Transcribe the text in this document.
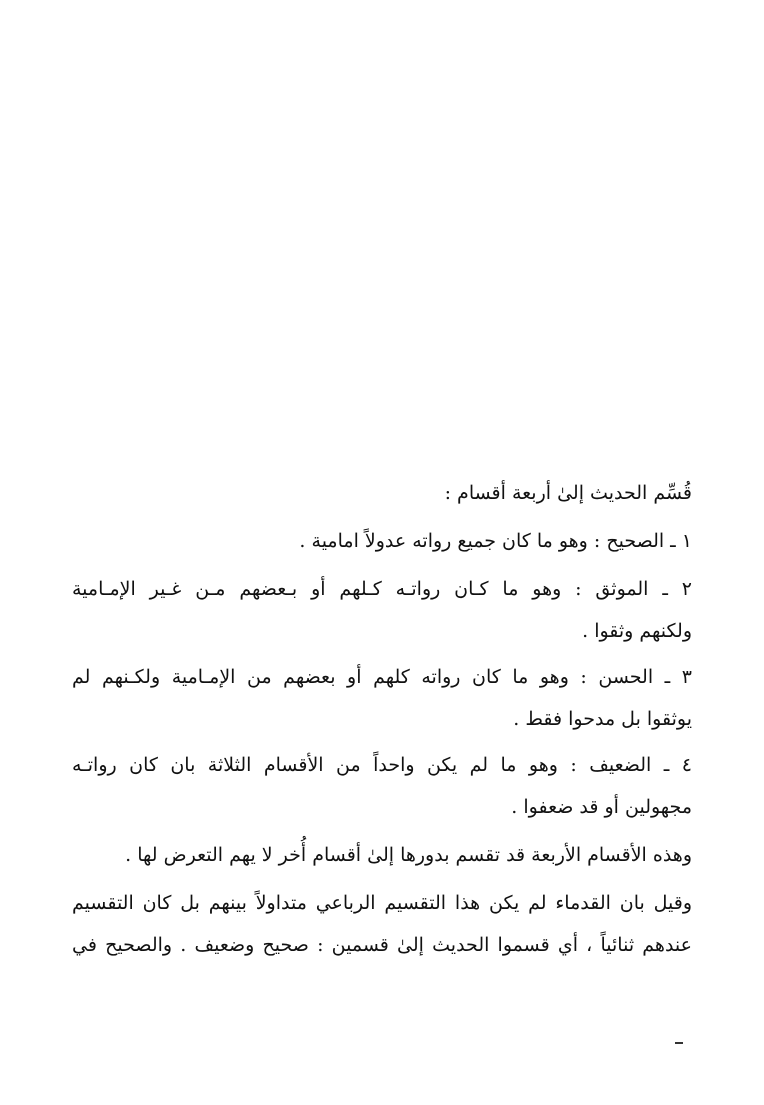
قُسِّم الحديث إلىٰ أربعة أقسام :
١ ـ الصحيح : وهو ما كان جميع رواته عدولاً امامية .
٢ ـ الموثق : وهو ما كـان رواتـه كـلهم أو بـعضهم مـن غـير الإمـامية
ولكنهم وثقوا .
٣ ـ الحسن : وهو ما كان رواته كلهم أو بعضهم من الإمـامية ولكـنهم لم
يوثقوا بل مدحوا فقط .
٤ ـ الضعيف : وهو ما لم يكن واحداً من الأقسام الثلاثة بان كان رواتـه
مجهولين أو قد ضعفوا .
وهذه الأقسام الأربعة قد تقسم بدورها إلىٰ أقسام أُخر لا يهم التعرض لها .
وقيل بان القدماء لم يكن هذا التقسيم الرباعي متداولاً بينهم بل كان التقسيم
عندهم ثنائياً ، أي قسموا الحديث إلىٰ قسمين : صحيح وضعيف . والصحيح في
